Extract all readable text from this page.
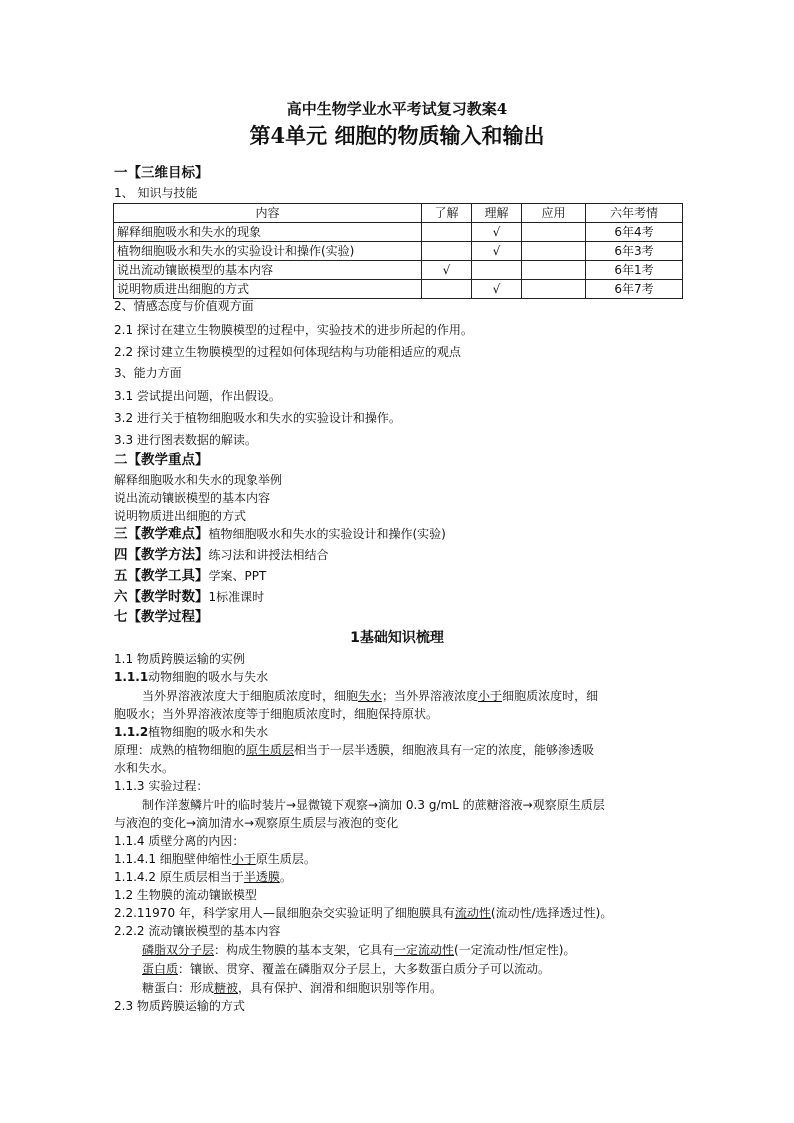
高中生物学业水平考试复习教案4
第4单元 细胞的物质输入和输出
一【三维目标】
1、 知识与技能
内容	了解	理解	应用	六年考情
解释细胞吸水和失水的现象		√		6年4考
植物细胞吸水和失水的实验设计和操作(实验)		√		6年3考
说出流动镶嵌模型的基本内容	√			6年1考
说明物质进出细胞的方式		√		6年7考
2、情感态度与价值观方面
2.1 探讨在建立生物膜模型的过程中，实验技术的进步所起的作用。
2.2 探讨建立生物膜模型的过程如何体现结构与功能相适应的观点
3、能力方面
3.1 尝试提出问题，作出假设。
3.2 进行关于植物细胞吸水和失水的实验设计和操作。
3.3 进行图表数据的解读。
二【教学重点】
解释细胞吸水和失水的现象举例
说出流动镶嵌模型的基本内容
说明物质进出细胞的方式
三【教学难点】植物细胞吸水和失水的实验设计和操作(实验)
四【教学方法】练习法和讲授法相结合
五【教学工具】学案、PPT
六【教学时数】1标准课时
七【教学过程】
1基础知识梳理
1.1 物质跨膜运输的实例
1.1.1动物细胞的吸水与失水
当外界溶液浓度大于细胞质浓度时，细胞失水；当外界溶液浓度小于细胞质浓度时，细
胞吸水；当外界溶液浓度等于细胞质浓度时，细胞保持原状。
1.1.2植物细胞的吸水和失水
原理：成熟的植物细胞的原生质层相当于一层半透膜，细胞液具有一定的浓度，能够渗透吸
水和失水。
1.1.3 实验过程：
制作洋葱鳞片叶的临时装片→显微镜下观察→滴加 0.3 g/mL 的蔗糖溶液→观察原生质层
与液泡的变化→滴加清水→观察原生质层与液泡的变化
1.1.4 质壁分离的内因：
1.1.4.1 细胞壁伸缩性小于原生质层。
1.1.4.2 原生质层相当于半透膜。
1.2 生物膜的流动镶嵌模型
2.2.11970 年，科学家用人—鼠细胞杂交实验证明了细胞膜具有流动性(流动性/选择透过性)。
2.2.2 流动镶嵌模型的基本内容
磷脂双分子层：构成生物膜的基本支架，它具有一定流动性(一定流动性/恒定性)。
蛋白质：镶嵌、贯穿、覆盖在磷脂双分子层上，大多数蛋白质分子可以流动。
糖蛋白：形成糖被，具有保护、润滑和细胞识别等作用。
2.3 物质跨膜运输的方式
